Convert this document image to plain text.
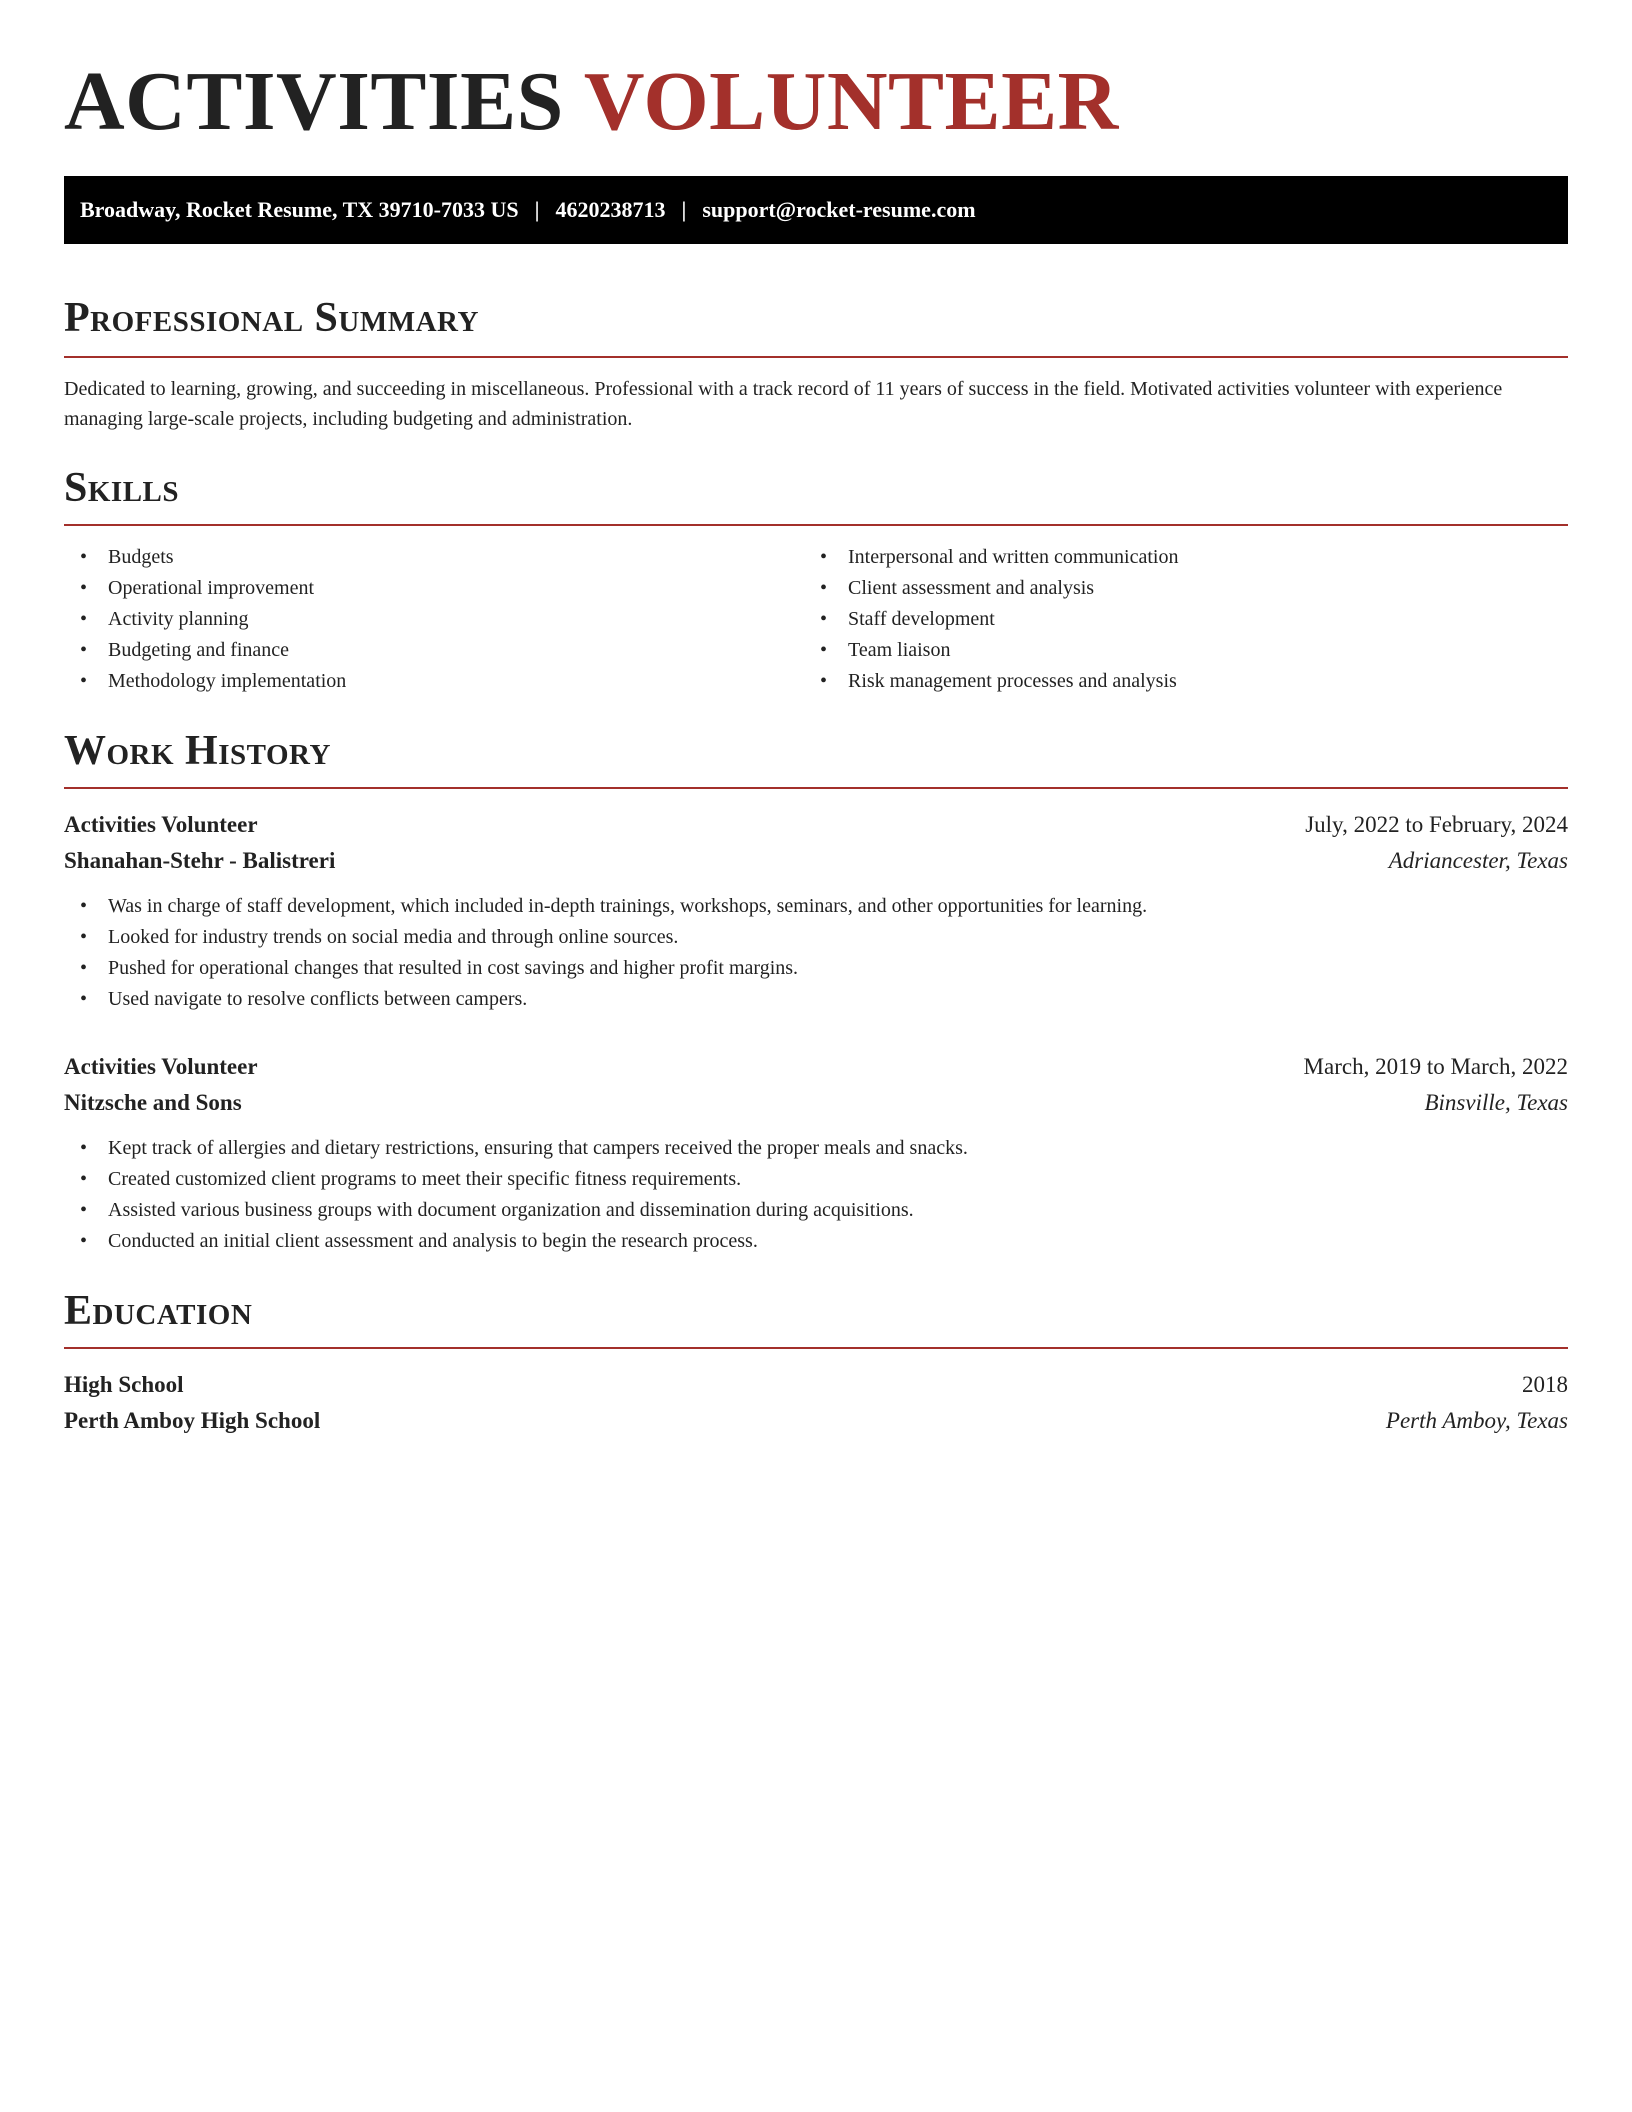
ACTIVITIES VOLUNTEER
Broadway, Rocket Resume, TX 39710-7033 US | 4620238713 | support@rocket-resume.com
Professional Summary

Dedicated to learning, growing, and succeeding in miscellaneous. Professional with a track record of 11 years of success in the field. Motivated activities volunteer with experience managing large-scale projects, including budgeting and administration.

Skills
• Budgets
• Operational improvement
• Activity planning
• Budgeting and finance
• Methodology implementation
• Interpersonal and written communication
• Client assessment and analysis
• Staff development
• Team liaison
• Risk management processes and analysis
Work History
Activities Volunteer	July, 2022 to February, 2024
Shanahan-Stehr - Balistreri	Adriancester, Texas
• Was in charge of staff development, which included in-depth trainings, workshops, seminars, and other opportunities for learning.
• Looked for industry trends on social media and through online sources.
• Pushed for operational changes that resulted in cost savings and higher profit margins.
• Used navigate to resolve conflicts between campers.
Activities Volunteer	March, 2019 to March, 2022
Nitzsche and Sons	Binsville, Texas
• Kept track of allergies and dietary restrictions, ensuring that campers received the proper meals and snacks.
• Created customized client programs to meet their specific fitness requirements.
• Assisted various business groups with document organization and dissemination during acquisitions.
• Conducted an initial client assessment and analysis to begin the research process.
Education
High School	2018
Perth Amboy High School	Perth Amboy, Texas
